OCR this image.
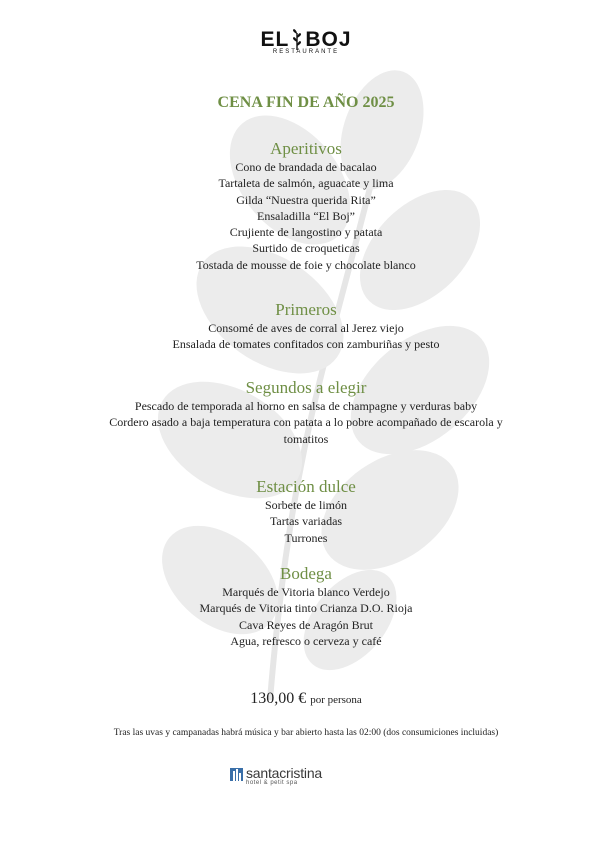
EL BOJ
RESTAURANTE
CENA FIN DE AÑO 2025
Aperitivos
Cono de brandada de bacalao
Tartaleta de salmón, aguacate y lima
Gilda “Nuestra querida Rita”
Ensaladilla “El Boj”
Crujiente de langostino y patata
Surtido de croqueticas
Tostada de mousse de foie y chocolate blanco
Primeros
Consomé de aves de corral al Jerez viejo
Ensalada de tomates confitados con zamburiñas y pesto
Segundos a elegir
Pescado de temporada al horno en salsa de champagne y verduras baby
Cordero asado a baja temperatura con patata a lo pobre acompañado de escarola y
tomatitos
Estación dulce
Sorbete de limón
Tartas variadas
Turrones
Bodega
Marqués de Vitoria blanco Verdejo
Marqués de Vitoria tinto Crianza D.O. Rioja
Cava Reyes de Aragón Brut
Agua, refresco o cerveza y café
130,00 € por persona
Tras las uvas y campanadas habrá música y bar abierto hasta las 02:00 (dos consumiciones incluidas)
santacristina
hotel & petit spa
